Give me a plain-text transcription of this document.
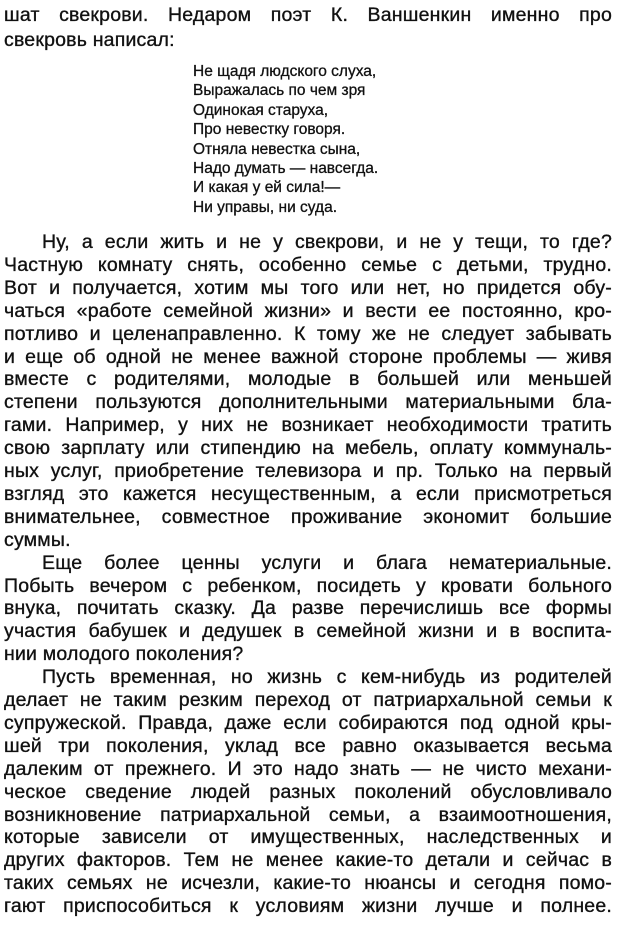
шат свекрови. Недаром поэт К. Ваншенкин именно про
свекровь написал:
Не щадя людского слуха,
Выражалась по чем зря
Одинокая старуха,
Про невестку говоря.
Отняла невестка сына,
Надо думать — навсегда.
И какая у ей сила!—
Ни управы, ни суда.
Ну, а если жить и не у свекрови, и не у тещи, то где?
Частную комнату снять, особенно семье с детьми, трудно.
Вот и получается, хотим мы того или нет, но придется обу-
чаться «работе семейной жизни» и вести ее постоянно, кро-
потливо и целенаправленно. К тому же не следует забывать
и еще об одной не менее важной стороне проблемы — живя
вместе с родителями, молодые в большей или меньшей
степени пользуются дополнительными материальными бла-
гами. Например, у них не возникает необходимости тратить
свою зарплату или стипендию на мебель, оплату коммуналь-
ных услуг, приобретение телевизора и пр. Только на первый
взгляд это кажется несущественным, а если присмотреться
внимательнее, совместное проживание экономит большие
суммы.
Еще более ценны услуги и блага нематериальные.
Побыть вечером с ребенком, посидеть у кровати больного
внука, почитать сказку. Да разве перечислишь все формы
участия бабушек и дедушек в семейной жизни и в воспита-
нии молодого поколения?
Пусть временная, но жизнь с кем-нибудь из родителей
делает не таким резким переход от патриархальной семьи к
супружеской. Правда, даже если собираются под одной кры-
шей три поколения, уклад все равно оказывается весьма
далеким от прежнего. И это надо знать — не чисто механи-
ческое сведение людей разных поколений обусловливало
возникновение патриархальной семьи, а взаимоотношения,
которые зависели от имущественных, наследственных и
других факторов. Тем не менее какие-то детали и сейчас в
таких семьях не исчезли, какие-то нюансы и сегодня помо-
гают приспособиться к условиям жизни лучше и полнее.
